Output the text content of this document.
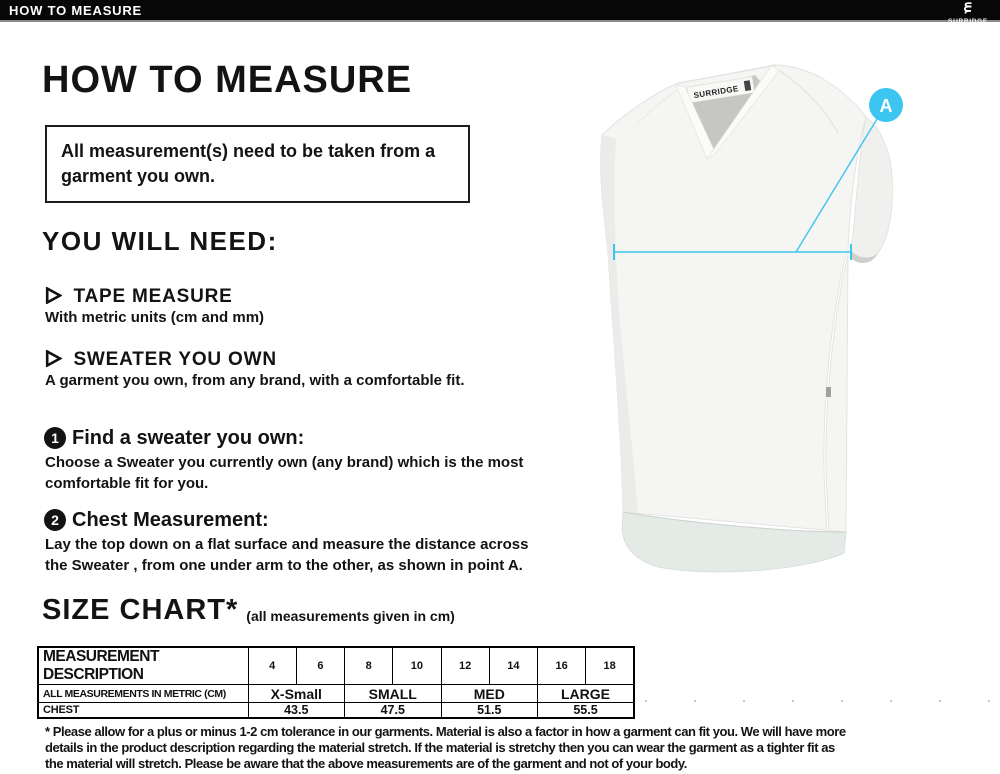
HOW TO MEASURE
SURRIDGE
HOW TO MEASURE
All measurement(s) need to be taken from a garment you own.
YOU WILL NEED:
TAPE MEASURE
With metric units (cm and mm)
SWEATER YOU OWN
A garment you own, from any brand, with a comfortable fit.
1 Find a sweater you own:
Choose a Sweater you currently own (any brand) which is the most comfortable fit for you.
2 Chest Measurement:
Lay the top down on a flat surface and measure the distance across the Sweater , from one under arm to the other, as shown in point A.
SIZE CHART* (all measurements given in cm)
MEASUREMENT DESCRIPTION	4	6	8	10	12	14	16	18
ALL MEASUREMENTS IN METRIC (CM)	X-Small		SMALL		MED		LARGE	
CHEST	43.5		47.5		51.5		55.5	
* Please allow for a plus or minus 1-2 cm tolerance in our garments. Material is also a factor in how a garment can fit you. We will have more details in the product description regarding the material stretch. If the material is stretchy then you can wear the garment as a tighter fit as the material will stretch. Please be aware that the above measurements are of the garment and not of your body.
SURRIDGE
A
